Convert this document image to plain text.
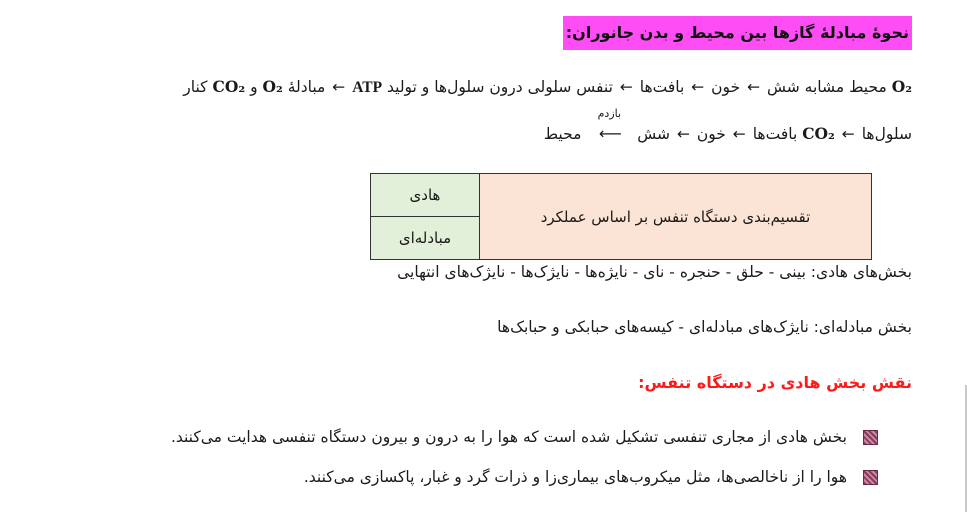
نحوهٔ مبادلهٔ گازها بین محیط و بدن جانوران:
O₂ محیط مشابه شش ← خون ← بافت‌ها ← تنفس سلولی درون سلول‌ها و تولید ATP ← مبادلهٔ O₂ و CO₂ کنار
سلول‌ها ← CO₂ بافت‌ها ← خون ← شش
بازدم
⟵ محیط
هادی	تقسیم‌بندی دستگاه تنفس بر اساس عملکرد
مبادله‌ای
بخش‌های هادی: بینی - حلق - حنجره - نای - نایژه‌ها - نایژک‌ها - نایژک‌های انتهایی
بخش مبادله‌ای: نایژک‌های مبادله‌ای - کیسه‌های حبابکی و حبابک‌ها
نقش بخش هادی در دستگاه تنفس:
بخش هادی از مجاری تنفسی تشکیل شده است که هوا را به درون و بیرون دستگاه تنفسی هدایت می‌کنند.
هوا را از ناخالصی‌ها، مثل میکروب‌های بیماری‌زا و ذرات گرد و غبار، پاکسازی می‌کنند.
